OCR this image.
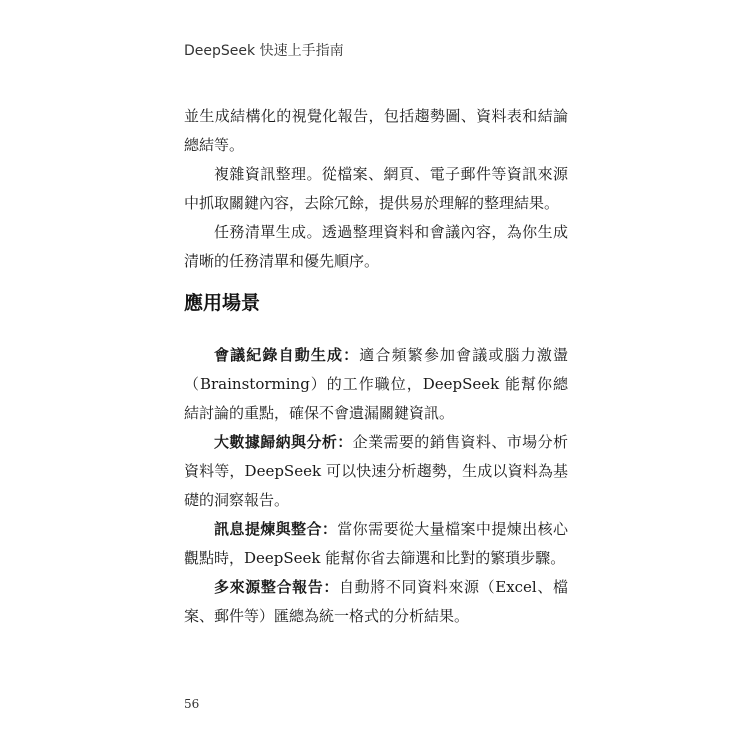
DeepSeek 快速上手指南

並生成結構化的視覺化報告，包括趨勢圖、資料表和結論總結等。

複雜資訊整理。從檔案、網頁、電子郵件等資訊來源中抓取關鍵內容，去除冗餘，提供易於理解的整理結果。

任務清單生成。透過整理資料和會議內容，為你生成清晰的任務清單和優先順序。

應用場景

會議紀錄自動生成：適合頻繁參加會議或腦力激盪（Brainstorming）的工作職位，DeepSeek 能幫你總結討論的重點，確保不會遺漏關鍵資訊。

大數據歸納與分析：企業需要的銷售資料、市場分析資料等，DeepSeek 可以快速分析趨勢，生成以資料為基礎的洞察報告。

訊息提煉與整合：當你需要從大量檔案中提煉出核心觀點時，DeepSeek 能幫你省去篩選和比對的繁瑣步驟。

多來源整合報告：自動將不同資料來源（Excel、檔案、郵件等）匯總為統一格式的分析結果。

56
